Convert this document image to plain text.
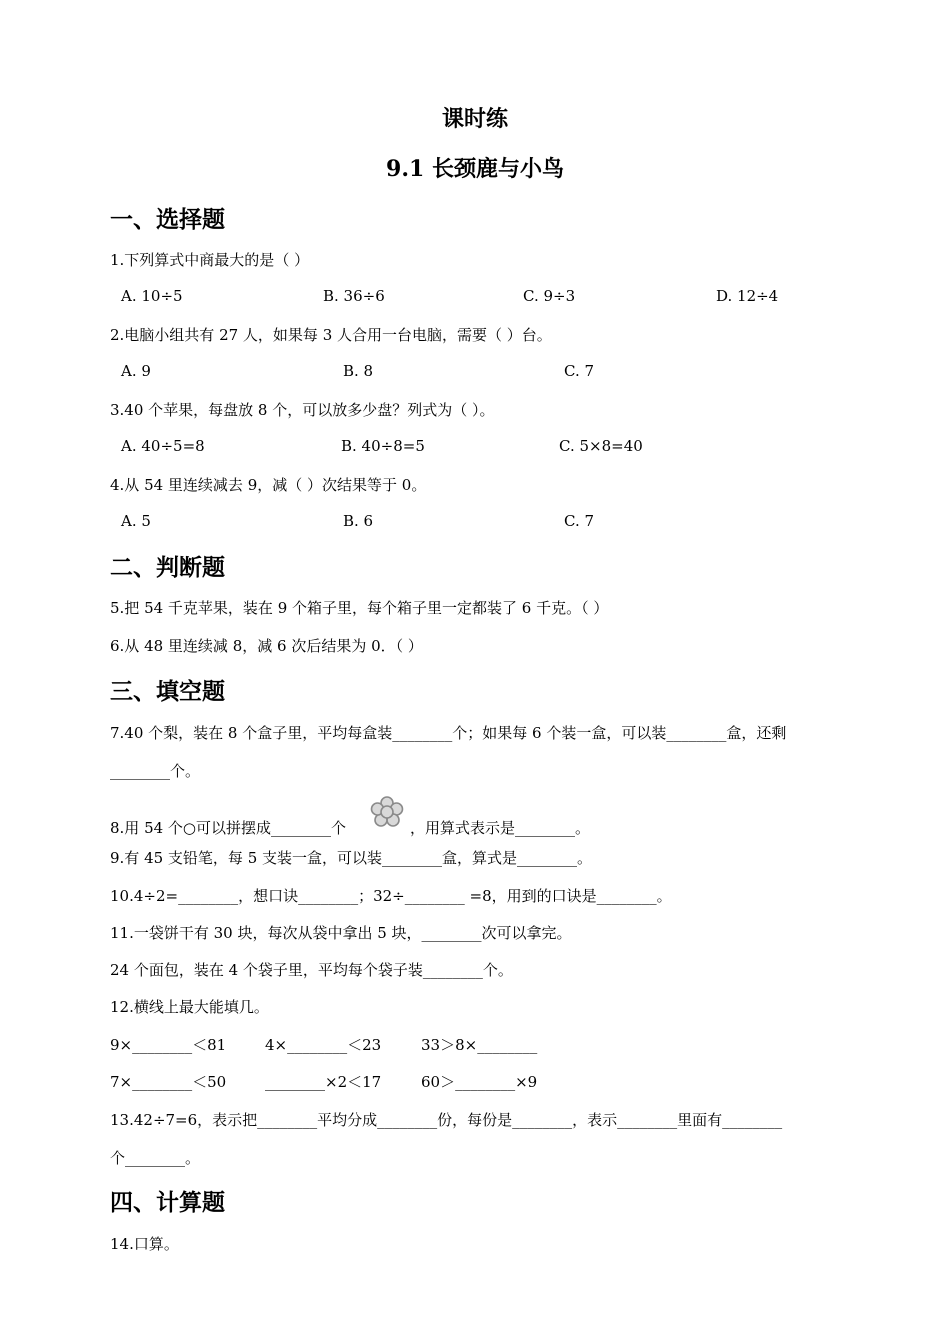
课时练
9.1 长颈鹿与小鸟
一、选择题
1.下列算式中商最大的是（ ）
A. 10÷5	B. 36÷6	C. 9÷3	D. 12÷4
2.电脑小组共有 27 人，如果每 3 人合用一台电脑，需要（ ）台。
A. 9	B. 8	C. 7
3.40 个苹果，每盘放 8 个，可以放多少盘？列式为（ ）。
A. 40÷5=8	B. 40÷8=5	C. 5×8=40
4.从 54 里连续减去 9，减（ ）次结果等于 0。
A. 5	B. 6	C. 7
二、判断题
5.把 54 千克苹果，装在 9 个箱子里，每个箱子里一定都装了 6 千克。（ ）
6.从 48 里连续减 8，减 6 次后结果为 0．（ ）
三、填空题
7.40 个梨，装在 8 个盒子里，平均每盒装________个；如果每 6 个装一盒，可以装________盒，还剩
________个。
8.用 54 个○可以拼摆成________个	，用算式表示是________。
9.有 45 支铅笔，每 5 支装一盒，可以装________盒，算式是________。
10.4÷2=________，想口诀________；32÷________ =8，用到的口诀是________。
11.一袋饼干有 30 块，每次从袋中拿出 5 块，________次可以拿完。
24 个面包，装在 4 个袋子里，平均每个袋子装________个。
12.横线上最大能填几。
9×________＜81	4×________＜23	33＞8×________
7×________＜50	________×2＜17	60＞________×9
13.42÷7=6，表示把________平均分成________份，每份是________，表示________里面有________
个________。
四、计算题
14.口算。
